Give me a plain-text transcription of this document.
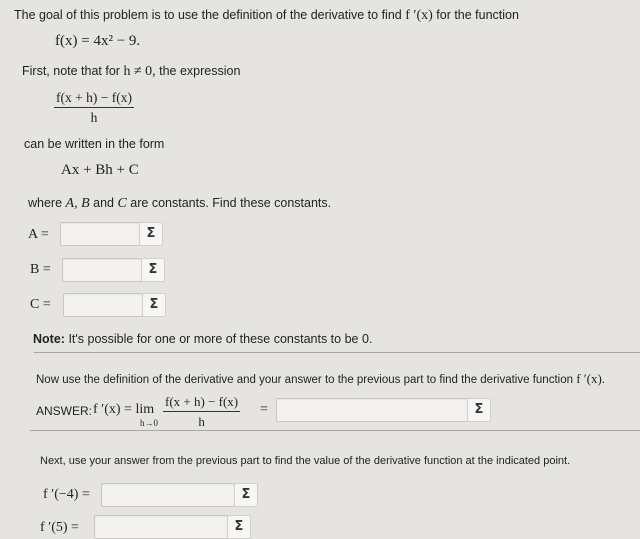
The goal of this problem is to use the definition of the derivative to find f ′(x) for the function
f(x) = 4x² − 9.
First, note that for h ≠ 0, the expression
$\frac{f(x + h) - f(x)}{h}$
can be written in the form
Ax + Bh + C
where A, B and C are constants. Find these constants.
A =	Σ
B =	Σ
C =	Σ
Note: It's possible for one or more of these constants to be 0.
Now use the definition of the derivative and your answer to the previous part to find the derivative function f ′(x).
ANSWER: f ′(x) = lim
$h\to 0 \frac{f(x + h) - f(x)}{h}$ =	Σ
Next, use your answer from the previous part to find the value of the derivative function at the indicated point.
f ′(−4) =	Σ
f ′(5) =	Σ
